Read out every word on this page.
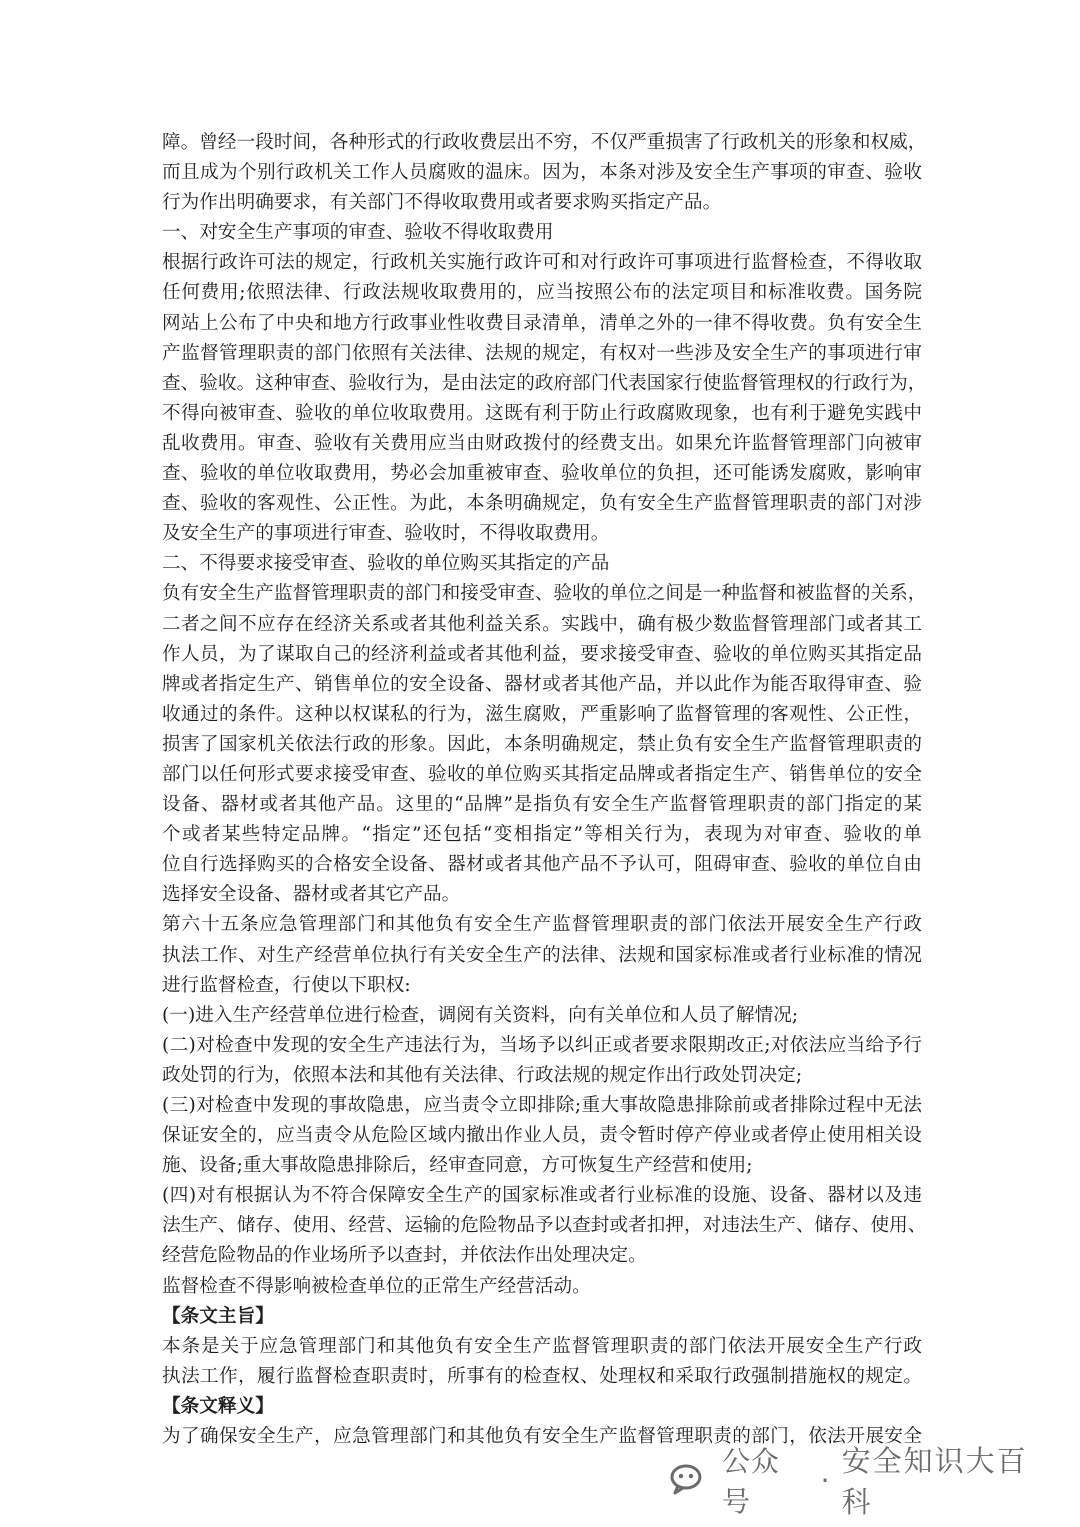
障。曾经一段时间，各种形式的行政收费层出不穷，不仅严重损害了行政机关的形象和权威，
而且成为个别行政机关工作人员腐败的温床。因为，本条对涉及安全生产事项的审查、验收
行为作出明确要求，有关部门不得收取费用或者要求购买指定产品。
一、对安全生产事项的审查、验收不得收取费用
根据行政许可法的规定，行政机关实施行政许可和对行政许可事项进行监督检查，不得收取
任何费用;依照法律、行政法规收取费用的，应当按照公布的法定项目和标准收费。国务院
网站上公布了中央和地方行政事业性收费目录清单，清单之外的一律不得收费。负有安全生
产监督管理职责的部门依照有关法律、法规的规定，有权对一些涉及安全生产的事项进行审
查、验收。这种审查、验收行为，是由法定的政府部门代表国家行使监督管理权的行政行为，
不得向被审查、验收的单位收取费用。这既有利于防止行政腐败现象，也有利于避免实践中
乱收费用。审查、验收有关费用应当由财政拨付的经费支出。如果允许监督管理部门向被审
查、验收的单位收取费用，势必会加重被审查、验收单位的负担，还可能诱发腐败，影响审
查、验收的客观性、公正性。为此，本条明确规定，负有安全生产监督管理职责的部门对涉
及安全生产的事项进行审查、验收时，不得收取费用。
二、不得要求接受审查、验收的单位购买其指定的产品
负有安全生产监督管理职责的部门和接受审查、验收的单位之间是一种监督和被监督的关系，
二者之间不应存在经济关系或者其他利益关系。实践中，确有极少数监督管理部门或者其工
作人员，为了谋取自己的经济利益或者其他利益，要求接受审查、验收的单位购买其指定品
牌或者指定生产、销售单位的安全设备、器材或者其他产品，并以此作为能否取得审查、验
收通过的条件。这种以权谋私的行为，滋生腐败，严重影响了监督管理的客观性、公正性，
损害了国家机关依法行政的形象。因此，本条明确规定，禁止负有安全生产监督管理职责的
部门以任何形式要求接受审查、验收的单位购买其指定品牌或者指定生产、销售单位的安全
设备、器材或者其他产品。这里的“品牌”是指负有安全生产监督管理职责的部门指定的某
个或者某些特定品牌。“指定”还包括“变相指定”等相关行为，表现为对审查、验收的单
位自行选择购买的合格安全设备、器材或者其他产品不予认可，阻碍审查、验收的单位自由
选择安全设备、器材或者其它产品。
第六十五条应急管理部门和其他负有安全生产监督管理职责的部门依法开展安全生产行政
执法工作、对生产经营单位执行有关安全生产的法律、法规和国家标准或者行业标准的情况
进行监督检查，行使以下职权:
(一)进入生产经营单位进行检查，调阅有关资料，向有关单位和人员了解情况;
(二)对检查中发现的安全生产违法行为，当场予以纠正或者要求限期改正;对依法应当给予行
政处罚的行为，依照本法和其他有关法律、行政法规的规定作出行政处罚决定;
(三)对检查中发现的事故隐患，应当责令立即排除;重大事故隐患排除前或者排除过程中无法
保证安全的，应当责令从危险区域内撤出作业人员，责令暂时停产停业或者停止使用相关设
施、设备;重大事故隐患排除后，经审查同意，方可恢复生产经营和使用;
(四)对有根据认为不符合保障安全生产的国家标准或者行业标准的设施、设备、器材以及违
法生产、储存、使用、经营、运输的危险物品予以查封或者扣押，对违法生产、储存、使用、
经营危险物品的作业场所予以查封，并依法作出处理决定。
监督检查不得影响被检查单位的正常生产经营活动。
【条文主旨】
本条是关于应急管理部门和其他负有安全生产监督管理职责的部门依法开展安全生产行政
执法工作，履行监督检查职责时，所事有的检查权、处理权和采取行政强制措施权的规定。
【条文释义】
为了确保安全生产，应急管理部门和其他负有安全生产监督管理职责的部门，依法开展安全
公众号
·
安全知识大百科
